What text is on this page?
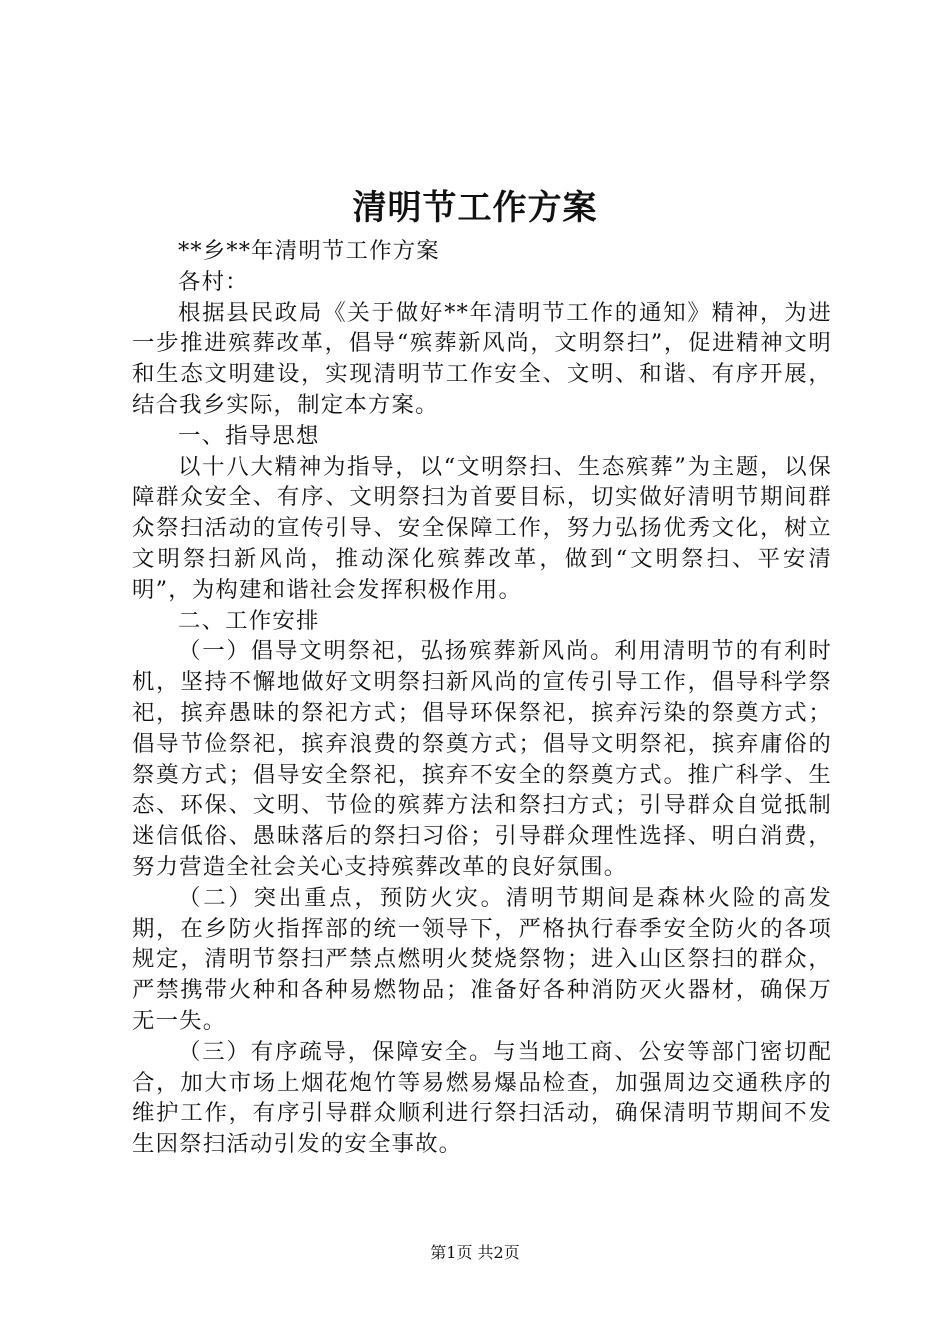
清明节工作方案

**乡**年清明节工作方案

各村：

根据县民政局《关于做好**年清明节工作的通知》精神，为进一步推进殡葬改革，倡导“殡葬新风尚，文明祭扫”，促进精神文明和生态文明建设，实现清明节工作安全、文明、和谐、有序开展，结合我乡实际，制定本方案。

一、指导思想

以十八大精神为指导，以“文明祭扫、生态殡葬”为主题，以保障群众安全、有序、文明祭扫为首要目标，切实做好清明节期间群众祭扫活动的宣传引导、安全保障工作，努力弘扬优秀文化，树立文明祭扫新风尚，推动深化殡葬改革，做到“文明祭扫、平安清明”，为构建和谐社会发挥积极作用。

二、工作安排

（一）倡导文明祭祀，弘扬殡葬新风尚。利用清明节的有利时机，坚持不懈地做好文明祭扫新风尚的宣传引导工作，倡导科学祭祀，摈弃愚昧的祭祀方式；倡导环保祭祀，摈弃污染的祭奠方式；倡导节俭祭祀，摈弃浪费的祭奠方式；倡导文明祭祀，摈弃庸俗的祭奠方式；倡导安全祭祀，摈弃不安全的祭奠方式。推广科学、生态、环保、文明、节俭的殡葬方法和祭扫方式；引导群众自觉抵制迷信低俗、愚昧落后的祭扫习俗；引导群众理性选择、明白消费，努力营造全社会关心支持殡葬改革的良好氛围。

（二）突出重点，预防火灾。清明节期间是森林火险的高发期，在乡防火指挥部的统一领导下，严格执行春季安全防火的各项规定，清明节祭扫严禁点燃明火焚烧祭物；进入山区祭扫的群众，严禁携带火种和各种易燃物品；准备好各种消防灭火器材，确保万无一失。

（三）有序疏导，保障安全。与当地工商、公安等部门密切配合，加大市场上烟花炮竹等易燃易爆品检查，加强周边交通秩序的维护工作，有序引导群众顺利进行祭扫活动，确保清明节期间不发生因祭扫活动引发的安全事故。

第1页 共2页
